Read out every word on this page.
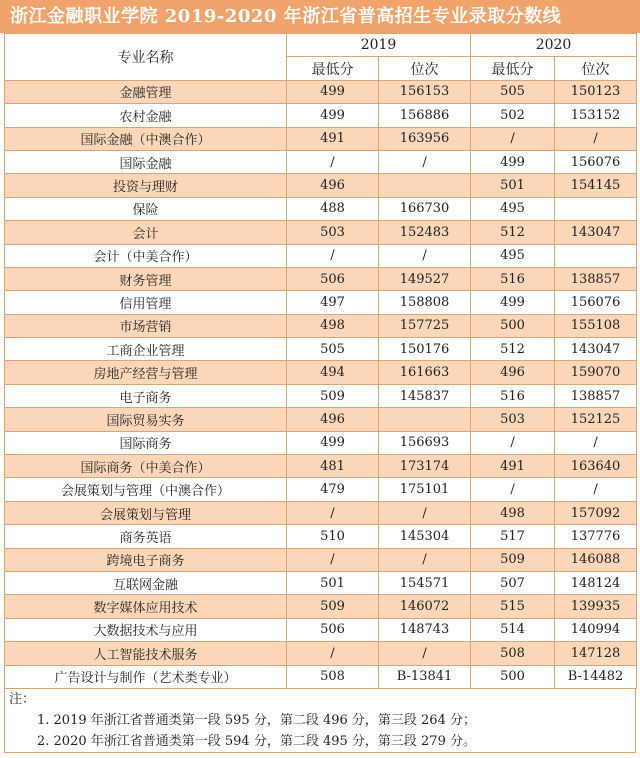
浙江金融职业学院 2019-2020 年浙江省普高招生专业录取分数线
专业名称	2019		2020	
	最低分	位次	最低分	位次
金融管理	499	156153	505	150123
农村金融	499	156886	502	153152
国际金融（中澳合作）	491	163956	/	/
国际金融	/	/	499	156076
投资与理财	496		501	154145
保险	488	166730	495	
会计	503	152483	512	143047
会计（中美合作）	/	/	495	
财务管理	506	149527	516	138857
信用管理	497	158808	499	156076
市场营销	498	157725	500	155108
工商企业管理	505	150176	512	143047
房地产经营与管理	494	161663	496	159070
电子商务	509	145837	516	138857
国际贸易实务	496		503	152125
国际商务	499	156693	/	/
国际商务（中美合作）	481	173174	491	163640
会展策划与管理（中澳合作）	479	175101	/	/
会展策划与管理	/	/	498	157092
商务英语	510	145304	517	137776
跨境电子商务	/	/	509	146088
互联网金融	501	154571	507	148124
数字媒体应用技术	509	146072	515	139935
大数据技术与应用	506	148743	514	140994
人工智能技术服务	/	/	508	147128
广告设计与制作（艺术类专业）	508	B-13841	500	B-14482
注：
1. 2019 年浙江省普通类第一段 595 分，第二段 496 分，第三段 264 分；
2. 2020 年浙江省普通类第一段 594 分，第二段 495 分，第三段 279 分。
